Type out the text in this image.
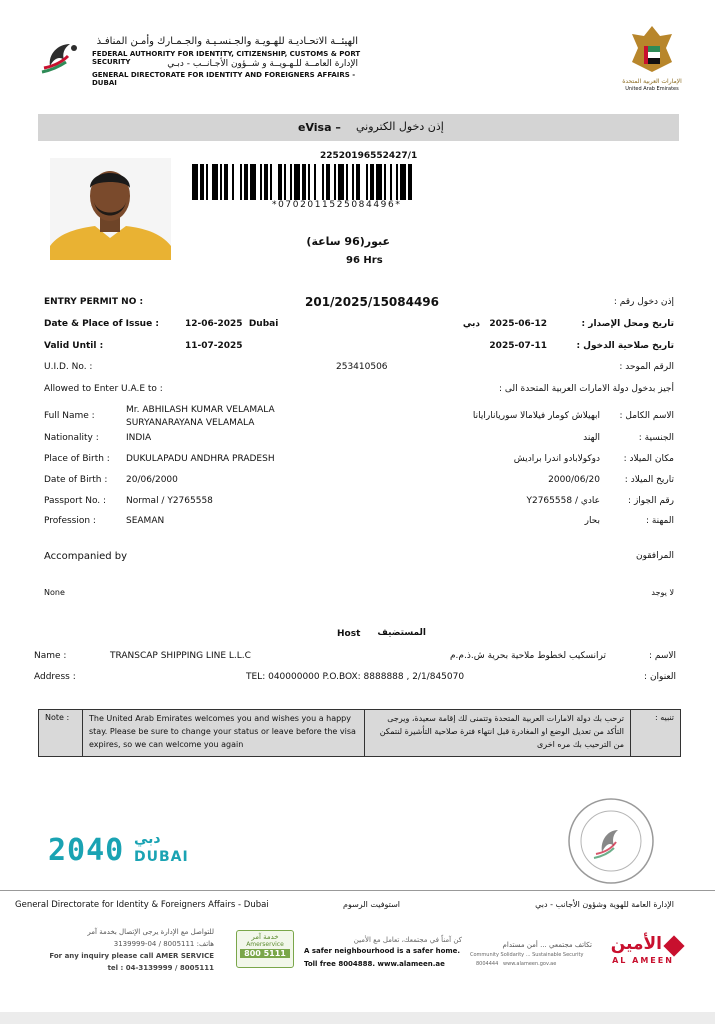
الهيئــة الاتحـاديـة للهـويـة والجـنسـيـة والجـمـارك وأمـن المنافـذ
FEDERAL AUTHORITY FOR IDENTITY, CITIZENSHIP, CUSTOMS & PORT SECURITY	الإدارة العامــة للـهـويــة و شــؤون الأجـانــب - دبـي
GENERAL DIRECTORATE FOR IDENTITY AND FOREIGNERS AFFAIRS - DUBAI	الإمارات العربية المتحدة
United Arab Emirates
eVisa – إذن دخول الكتروني
22520196552427/1
*070201152508449​6*
عبور(96 ساعة)
96 Hrs
ENTRY PERMIT NO :	201/2025/15084496	إذن دخول رقم :
Date & Place of Issue :	12-06-2025  Dubai	2025-06-12   دبي	تاريخ ومحل الإصدار :
Valid Until :	11-07-2025	2025-07-11	تاريخ صلاحية الدخول :
U.I.D. No. :	253410506	الرقم الموحد :
Allowed to Enter U.A.E to :	أجيز بدخول دولة الامارات العربية المتحدة الى :
Full Name :
Mr. ABHILASH KUMAR VELAMALA
SURYANARAYANA VELAMALA
ابهيلاش كومار فيلامالا سوريانارايانا	الاسم الكامل :
Nationality :	INDIA	الهند	الجنسية :
Place of Birth : DUKULAPADU ANDHRA PRADESH	دوكولابادو اندرا براديش	مكان الميلاد :
Date of Birth : 20/06/2000	2000/06/20	تاريخ الميلاد :
Passport No. : Normal / Y2765558	عادي / Y2765558	رقم الجواز :
Profession :	SEAMAN	بحار	المهنة :
Accompanied by	المرافقون
None	لا يوجد
Host	المستضيف
Name :	TRANSCAP SHIPPING LINE L.L.C	ترانسكيب لخطوط ملاحية بحرية ش.ذ.م.م	الاسم :
Address :	TEL: 040000000 P.O.BOX: 8888888 , 2/1/845070	العنوان :
Note :	The United Arab Emirates welcomes you and wishes you a happy stay. Please be sure to change your status or leave before the visa expires, so we can welcome you again
ترحب بك دولة الامارات العربية المتحدة وتتمنى لك إقامة سعيدة، ويرجى التأكد من تعديل الوضع او المغادرة قبل انتهاء فترة صلاحية التأشيرة لنتمكن من الترحيب بك مره اخرى
تنبيه :
2040 دبي
DUBAI
General Directorate for Identity & Foreigners Affairs - Dubai	استوفيت الرسوم	الإدارة العامة للهوية وشؤون الأجانب - دبي
للتواصل مع الإدارة يرجى الإتصال بخدمة آمر
هاتف: 8005111 / 04-3139999
For any inquiry please call AMER SERVICE
tel : 04-3139999 / 8005111
خدمة آمر
Amerservice
800 5111
كن آمناً في مجتمعك، تعامل مع الأمين
A safer neighbourhood is a safer home.
Toll free 8004888. www.alameen.ae
تكاتف مجتمعي ... أمن مستدام
Community Solidarity ... Sustainable Security
8004444   www.alameen.gov.ae
الأمين
AL AMEEN
